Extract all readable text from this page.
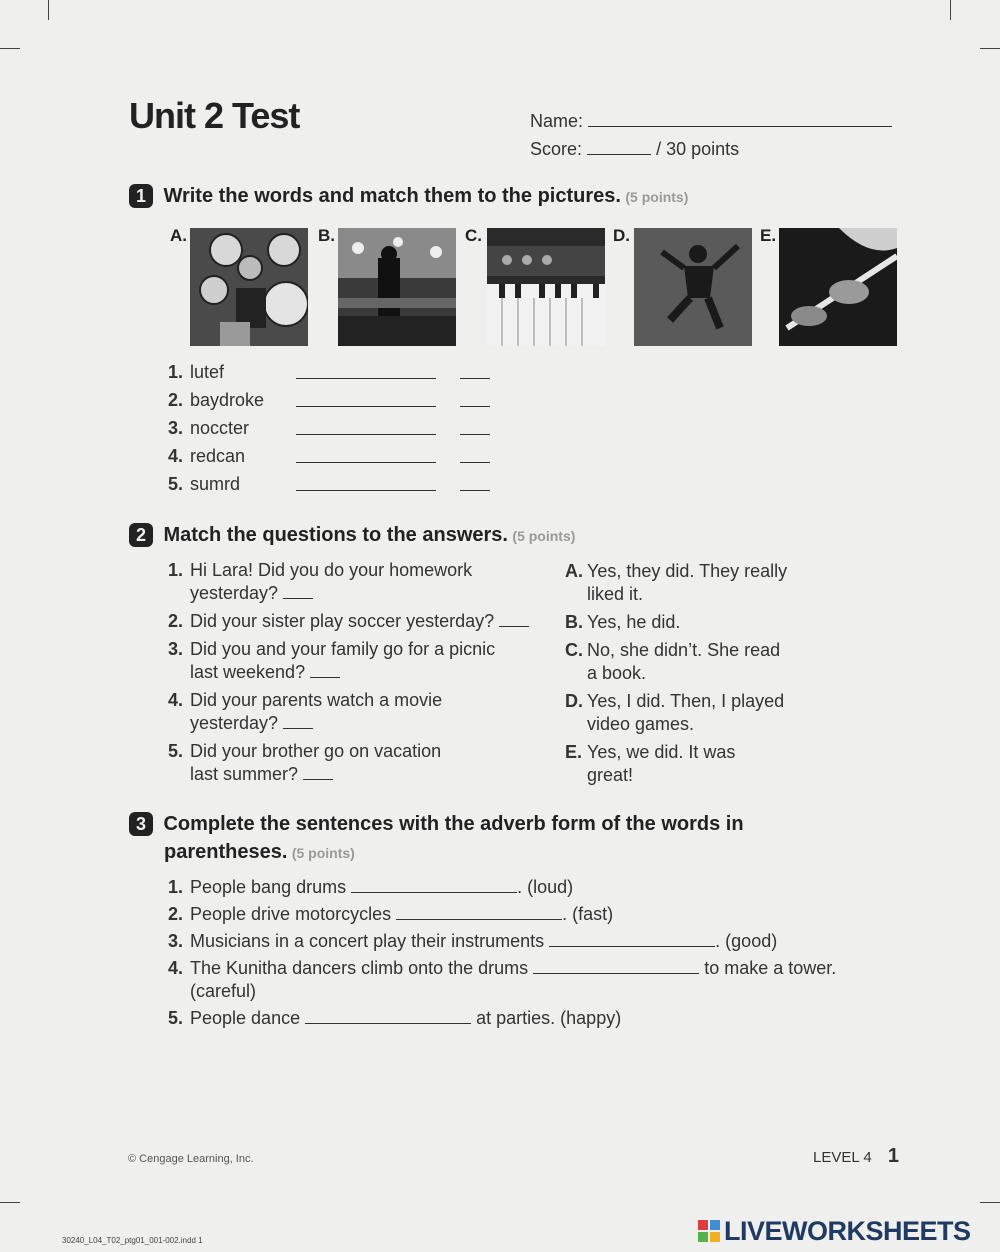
Unit 2 Test	Name:
Score:	/ 30 points
1 Write the words and match them to the pictures. (5 points)
A.	B.	C.	D.	E.
1. lutef
2. baydroke
3. noccter
4. redcan
5. sumrd
2 Match the questions to the answers. (5 points)
1. Hi Lara! Did you do your homework
yesterday?
2. Did your sister play soccer yesterday?
3. Did you and your family go for a picnic
last weekend?
4. Did your parents watch a movie
yesterday?
5. Did your brother go on vacation
last summer?
A. Yes, they did. They really
liked it.
B. Yes, he did.
C. No, she didn’t. She read
a book.
D. Yes, I did. Then, I played
video games.
E. Yes, we did. It was
great!
3 Complete the sentences with the adverb form of the words in
parentheses. (5 points)
1. People bang drums	. (loud)
2. People drive motorcycles	. (fast)
3. Musicians in a concert play their instruments	. (good)
4. The Kunitha dancers climb onto the drums	to make a tower.
(careful)
5. People dance	at parties. (happy)
© Cengage Learning, Inc.	LEVEL 4 1
30240_L04_T02_ptg01_001-002.indd 1	LIVEWORKSHEETS
